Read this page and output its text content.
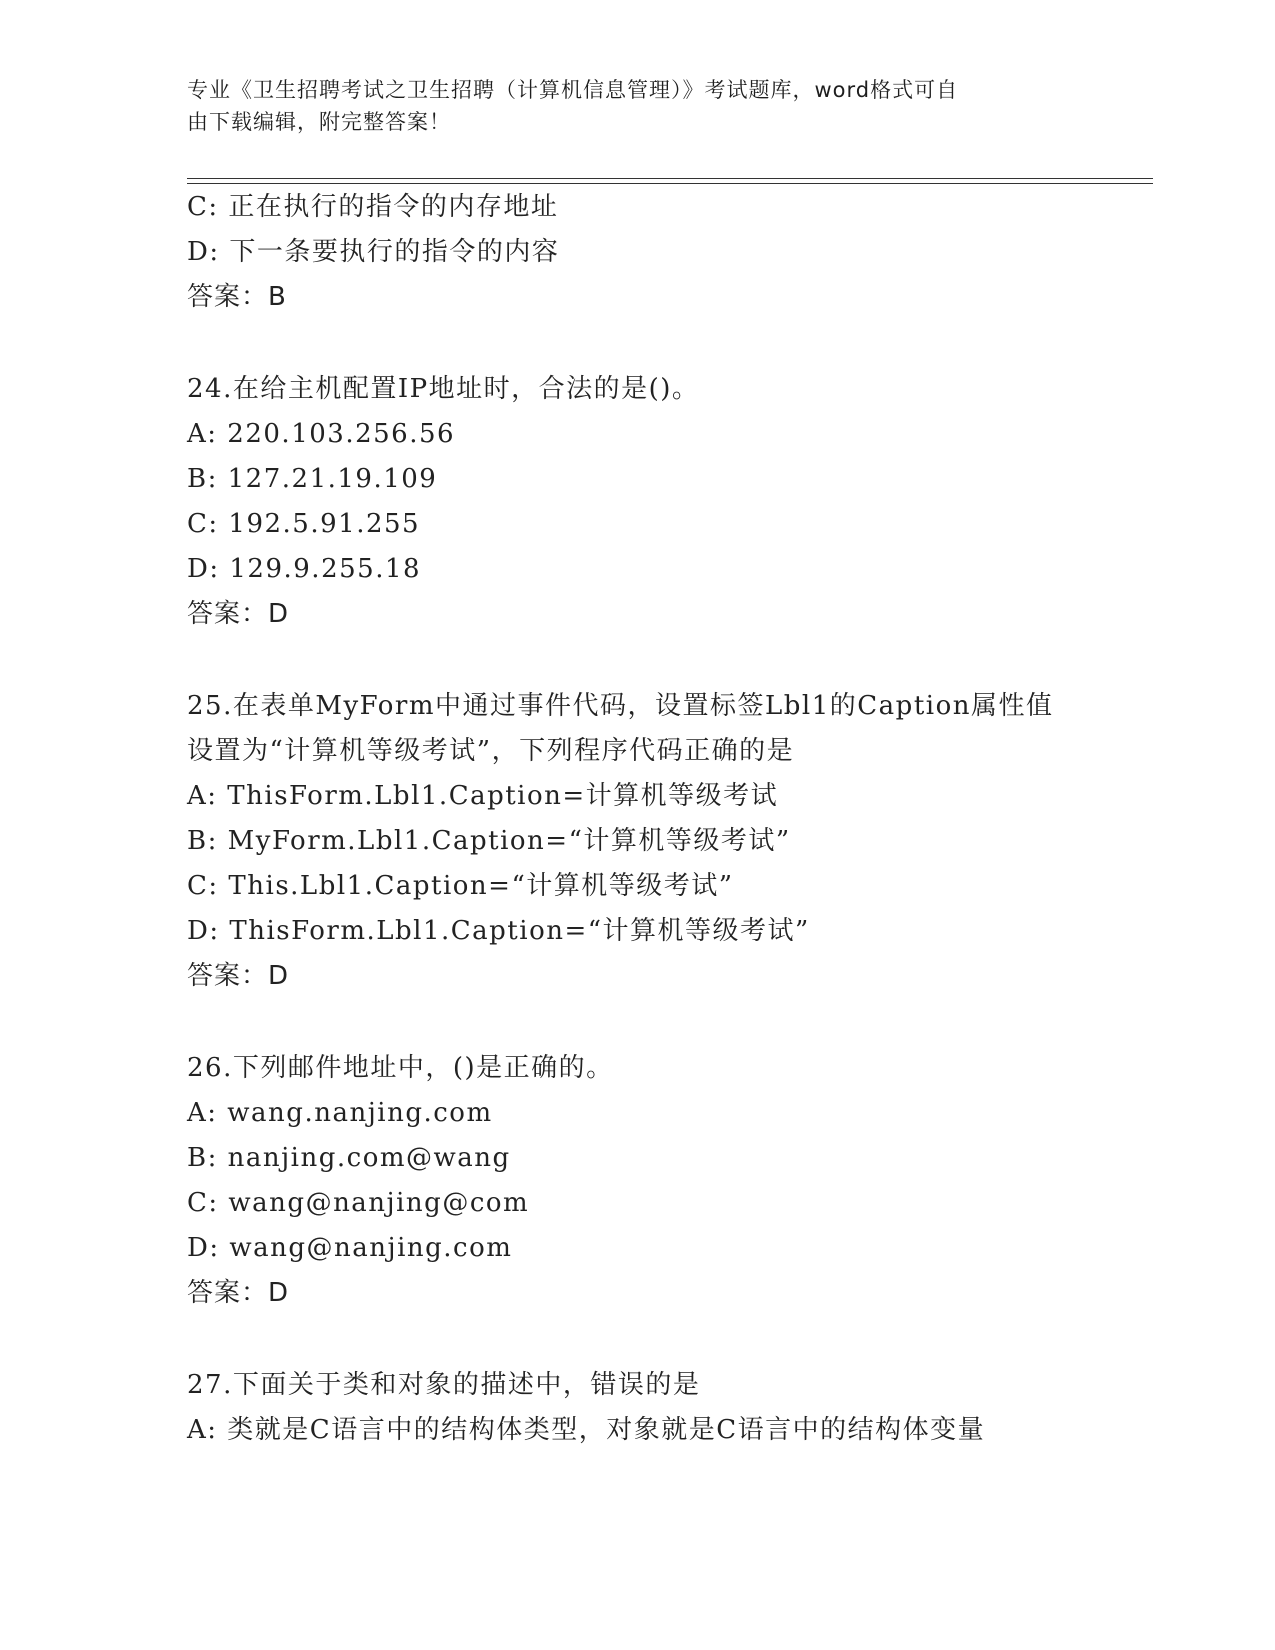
专业《卫生招聘考试之卫生招聘（计算机信息管理）》考试题库，word格式可自
由下载编辑，附完整答案！
C: 正在执行的指令的内存地址
D: 下一条要执行的指令的内容
答案：B
24.在给主机配置IP地址时，合法的是()。
A: 220.103.256.56
B: 127.21.19.109
C: 192.5.91.255
D: 129.9.255.18
答案：D
25.在表单MyForm中通过事件代码，设置标签Lbl1的Caption属性值
设置为“计算机等级考试”，下列程序代码正确的是
A: ThisForm.Lbl1.Caption=计算机等级考试
B: MyForm.Lbl1.Caption=“计算机等级考试”
C: This.Lbl1.Caption=“计算机等级考试”
D: ThisForm.Lbl1.Caption=“计算机等级考试”
答案：D
26.下列邮件地址中，()是正确的。
A: wang.nanjing.com
B: nanjing.com@wang
C: wang@nanjing@com
D: wang@nanjing.com
答案：D
27.下面关于类和对象的描述中，错误的是
A: 类就是C语言中的结构体类型，对象就是C语言中的结构体变量
